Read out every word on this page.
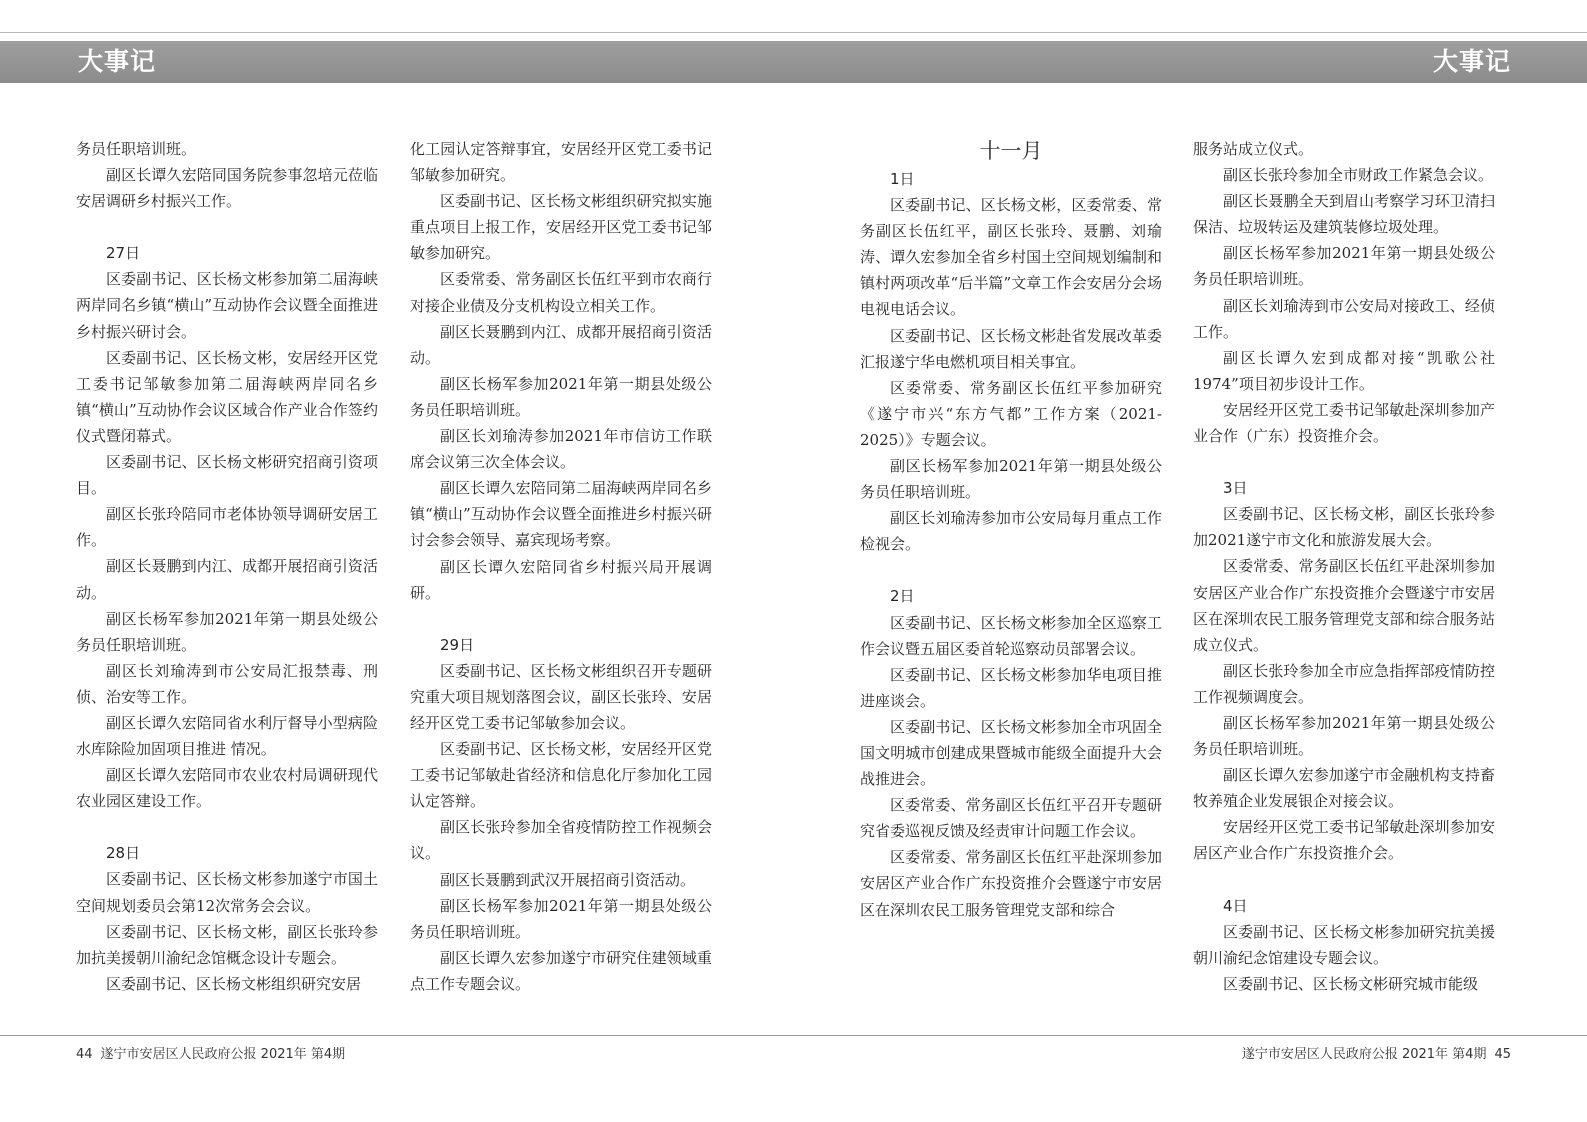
大事记	大事记

务员任职培训班。

副区长谭久宏陪同国务院参事忽培元莅临安居调研乡村振兴工作。

27日

区委副书记、区长杨文彬参加第二届海峡两岸同名乡镇“横山”互动协作会议暨全面推进乡村振兴研讨会。

区委副书记、区长杨文彬，安居经开区党工委书记邹敏参加第二届海峡两岸同名乡镇“横山”互动协作会议区域合作产业合作签约仪式暨闭幕式。

区委副书记、区长杨文彬研究招商引资项目。

副区长张玲陪同市老体协领导调研安居工作。

副区长聂鹏到内江、成都开展招商引资活动。

副区长杨军参加2021年第一期县处级公务员任职培训班。

副区长刘瑜涛到市公安局汇报禁毒、刑侦、治安等工作。

副区长谭久宏陪同省水利厅督导小型病险水库除险加固项目推进 情况。

副区长谭久宏陪同市农业农村局调研现代农业园区建设工作。

28日

区委副书记、区长杨文彬参加遂宁市国土空间规划委员会第12次常务会会议。

区委副书记、区长杨文彬，副区长张玲参加抗美援朝川渝纪念馆概念设计专题会。

区委副书记、区长杨文彬组织研究安居

化工园认定答辩事宜，安居经开区党工委书记邹敏参加研究。

区委副书记、区长杨文彬组织研究拟实施重点项目上报工作，安居经开区党工委书记邹敏参加研究。

区委常委、常务副区长伍红平到市农商行对接企业债及分支机构设立相关工作。

副区长聂鹏到内江、成都开展招商引资活动。

副区长杨军参加2021年第一期县处级公务员任职培训班。

副区长刘瑜涛参加2021年市信访工作联席会议第三次全体会议。

副区长谭久宏陪同第二届海峡两岸同名乡镇“横山”互动协作会议暨全面推进乡村振兴研讨会参会领导、嘉宾现场考察。

副区长谭久宏陪同省乡村振兴局开展调研。

29日

区委副书记、区长杨文彬组织召开专题研究重大项目规划落图会议，副区长张玲、安居经开区党工委书记邹敏参加会议。

区委副书记、区长杨文彬，安居经开区党工委书记邹敏赴省经济和信息化厅参加化工园认定答辩。

副区长张玲参加全省疫情防控工作视频会议。

副区长聂鹏到武汉开展招商引资活动。

副区长杨军参加2021年第一期县处级公务员任职培训班。

副区长谭久宏参加遂宁市研究住建领域重点工作专题会议。

十一月

1日

区委副书记、区长杨文彬，区委常委、常务副区长伍红平，副区长张玲、聂鹏、刘瑜涛、谭久宏参加全省乡村国土空间规划编制和镇村两项改革“后半篇”文章工作会安居分会场电视电话会议。

区委副书记、区长杨文彬赴省发展改革委汇报遂宁华电燃机项目相关事宜。

区委常委、常务副区长伍红平参加研究《遂宁市兴“东方气都”工作方案（2021-2025）》专题会议。

副区长杨军参加2021年第一期县处级公务员任职培训班。

副区长刘瑜涛参加市公安局每月重点工作检视会。

2日

区委副书记、区长杨文彬参加全区巡察工作会议暨五届区委首轮巡察动员部署会议。

区委副书记、区长杨文彬参加华电项目推进座谈会。

区委副书记、区长杨文彬参加全市巩固全国文明城市创建成果暨城市能级全面提升大会战推进会。

区委常委、常务副区长伍红平召开专题研究省委巡视反馈及经责审计问题工作会议。

区委常委、常务副区长伍红平赴深圳参加安居区产业合作广东投资推介会暨遂宁市安居区在深圳农民工服务管理党支部和综合

服务站成立仪式。

副区长张玲参加全市财政工作紧急会议。

副区长聂鹏全天到眉山考察学习环卫清扫保洁、垃圾转运及建筑装修垃圾处理。

副区长杨军参加2021年第一期县处级公务员任职培训班。

副区长刘瑜涛到市公安局对接政工、经侦工作。

副区长谭久宏到成都对接“凯歌公社1974”项目初步设计工作。

安居经开区党工委书记邹敏赴深圳参加产业合作（广东）投资推介会。

3日

区委副书记、区长杨文彬，副区长张玲参加2021遂宁市文化和旅游发展大会。

区委常委、常务副区长伍红平赴深圳参加安居区产业合作广东投资推介会暨遂宁市安居区在深圳农民工服务管理党支部和综合服务站成立仪式。

副区长张玲参加全市应急指挥部疫情防控工作视频调度会。

副区长杨军参加2021年第一期县处级公务员任职培训班。

副区长谭久宏参加遂宁市金融机构支持畜牧养殖企业发展银企对接会议。

安居经开区党工委书记邹敏赴深圳参加安居区产业合作广东投资推介会。

4日

区委副书记、区长杨文彬参加研究抗美援朝川渝纪念馆建设专题会议。

区委副书记、区长杨文彬研究城市能级

44 遂宁市安居区人民政府公报 2021年 第4期	遂宁市安居区人民政府公报 2021年 第4期 45
